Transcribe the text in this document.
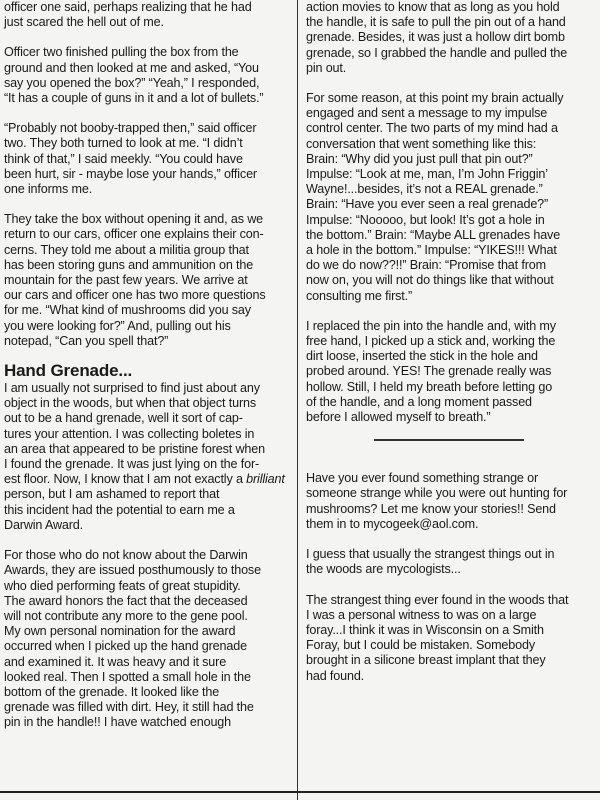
officer one said, perhaps realizing that he had
just scared the hell out of me.

Officer two finished pulling the box from the
ground and then looked at me and asked, “You
say you opened the box?” “Yeah,” I responded,
“It has a couple of guns in it and a lot of bullets.”

“Probably not booby-trapped then,” said officer
two. They both turned to look at me. “I didn’t
think of that,” I said meekly. “You could have
been hurt, sir - maybe lose your hands,” officer
one informs me.

They take the box without opening it and, as we
return to our cars, officer one explains their con-
cerns. They told me about a militia group that
has been storing guns and ammunition on the
mountain for the past few years. We arrive at
our cars and officer one has two more questions
for me. “What kind of mushrooms did you say
you were looking for?” And, pulling out his
notepad, “Can you spell that?”

Hand Grenade...

I am usually not surprised to find just about any
object in the woods, but when that object turns
out to be a hand grenade, well it sort of cap-
tures your attention. I was collecting boletes in
an area that appeared to be pristine forest when
I found the grenade. It was just lying on the for-
est floor. Now, I know that I am not exactly a brilliant person, but I am ashamed to report that
this incident had the potential to earn me a
Darwin Award.

For those who do not know about the Darwin
Awards, they are issued posthumously to those
who died performing feats of great stupidity.
The award honors the fact that the deceased
will not contribute any more to the gene pool.
My own personal nomination for the award
occurred when I picked up the hand grenade
and examined it. It was heavy and it sure
looked real. Then I spotted a small hole in the
bottom of the grenade. It looked like the
grenade was filled with dirt. Hey, it still had the
pin in the handle!! I have watched enough

action movies to know that as long as you hold
the handle, it is safe to pull the pin out of a hand
grenade. Besides, it was just a hollow dirt bomb
grenade, so I grabbed the handle and pulled the
pin out.

For some reason, at this point my brain actually
engaged and sent a message to my impulse
control center. The two parts of my mind had a
conversation that went something like this:
Brain: “Why did you just pull that pin out?”
Impulse: “Look at me, man, I’m John Friggin’
Wayne!...besides, it’s not a REAL grenade.”
Brain: “Have you ever seen a real grenade?”
Impulse: “Nooooo, but look! It’s got a hole in
the bottom.” Brain: “Maybe ALL grenades have
a hole in the bottom.” Impulse: “YIKES!!! What
do we do now??!!” Brain: “Promise that from
now on, you will not do things like that without
consulting me first.”

I replaced the pin into the handle and, with my
free hand, I picked up a stick and, working the
dirt loose, inserted the stick in the hole and
probed around. YES! The grenade really was
hollow. Still, I held my breath before letting go
of the handle, and a long moment passed
before I allowed myself to breath.”

Have you ever found something strange or
someone strange while you were out hunting for
mushrooms? Let me know your stories!! Send
them in to mycogeek@aol.com.

I guess that usually the strangest things out in
the woods are mycologists...

The strangest thing ever found in the woods that
I was a personal witness to was on a large
foray...I think it was in Wisconsin on a Smith
Foray, but I could be mistaken. Somebody
brought in a silicone breast implant that they
had found.
